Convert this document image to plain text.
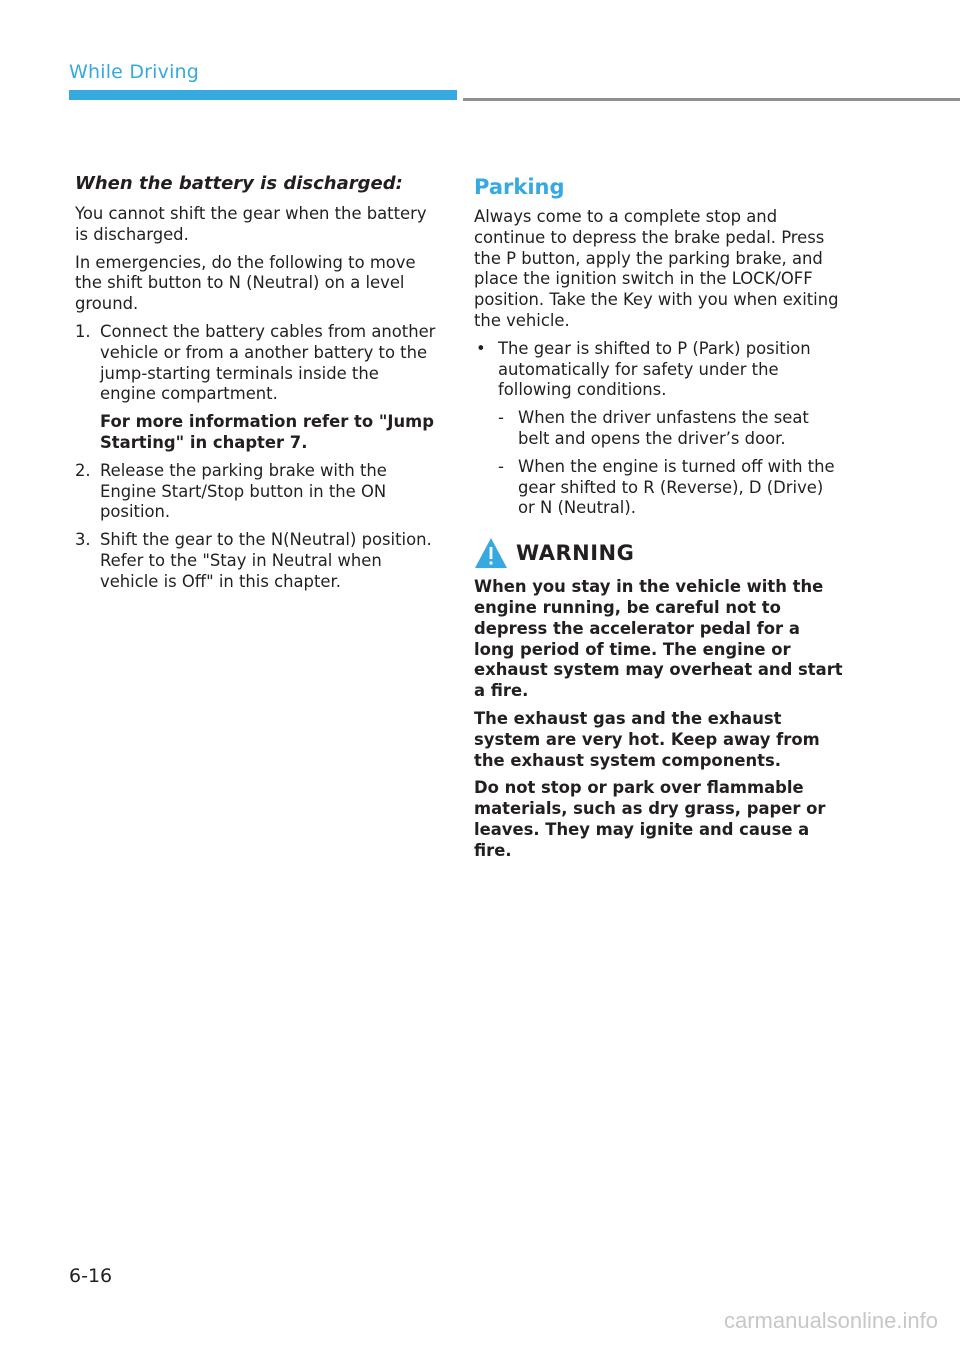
While Driving
When the battery is discharged:

You cannot shift the gear when the battery is discharged.

In emergencies, do the following to move the shift button to N (Neutral) on a level ground.

1. Connect the battery cables from another vehicle or from a another battery to the jump-starting terminals inside the engine compartment.

For more information refer to "Jump Starting" in chapter 7.

2. Release the parking brake with the Engine Start/Stop button in the ON position.

3. Shift the gear to the N(Neutral) position. Refer to the "Stay in Neutral when vehicle is Off" in this chapter.

Parking

Always come to a complete stop and continue to depress the brake pedal. Press the P button, apply the parking brake, and place the ignition switch in the LOCK/OFF position. Take the Key with you when exiting the vehicle.

• The gear is shifted to P (Park) position automatically for safety under the following conditions.
- When the driver unfastens the seat belt and opens the driver’s door.
- When the engine is turned off with the gear shifted to R (Reverse), D (Drive) or N (Neutral).
WARNING

When you stay in the vehicle with the engine running, be careful not to depress the accelerator pedal for a long period of time. The engine or exhaust system may overheat and start a fire.

The exhaust gas and the exhaust system are very hot. Keep away from the exhaust system components.

Do not stop or park over flammable materials, such as dry grass, paper or leaves. They may ignite and cause a fire.

6-16
carmanualsonline.info
